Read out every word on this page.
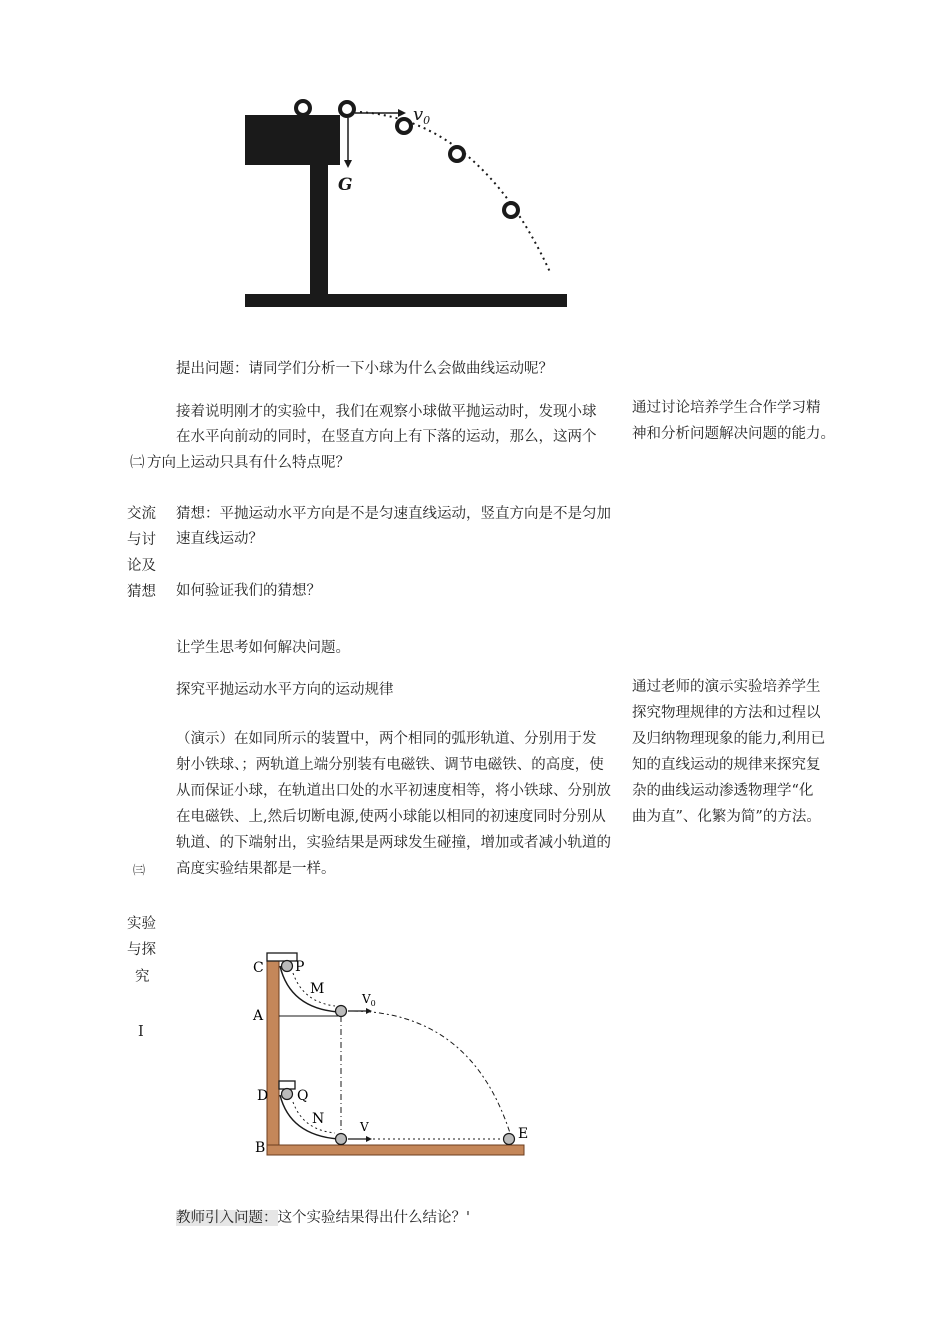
$v_0$
G
提出问题：请同学们分析一下小球为什么会做曲线运动呢？
接着说明刚才的实验中，我们在观察小球做平抛运动时，发现小球
在水平向前动的同时，在竖直方向上有下落的运动，那么，这两个
㈡ 方向上运动只具有什么特点呢？
交流
与讨
论及
猜想
猜想：平抛运动水平方向是不是匀速直线运动，竖直方向是不是匀加
速直线运动？
如何验证我们的猜想？
让学生思考如何解决问题。
探究平抛运动水平方向的运动规律
（演示）在如同所示的装置中，两个相同的弧形轨道、分别用于发
射小铁球、；两轨道上端分别装有电磁铁、调节电磁铁、的高度，使
从而保证小球，在轨道出口处的水平初速度相等，将小铁球、分别放
在电磁铁、上,然后切断电源,使两小球能以相同的初速度同时分别从
轨道、的下端射出，实验结果是两球发生碰撞，增加或者减小轨道的
㈢ 高度实验结果都是一样。
实验
与探
究
I
教师引入问题：这个实验结果得出什么结论？'
通过讨论培养学生合作学习精
神和分析问题解决问题的能力。
通过老师的演示实验培养学生
探究物理规律的方法和过程以
及归纳物理现象的能力,利用已
知的直线运动的规律来探究复
杂的曲线运动渗透物理学“化
曲为直”、化繁为简”的方法。
C P
M
$V_0$
A
D Q
N	V
B
E
